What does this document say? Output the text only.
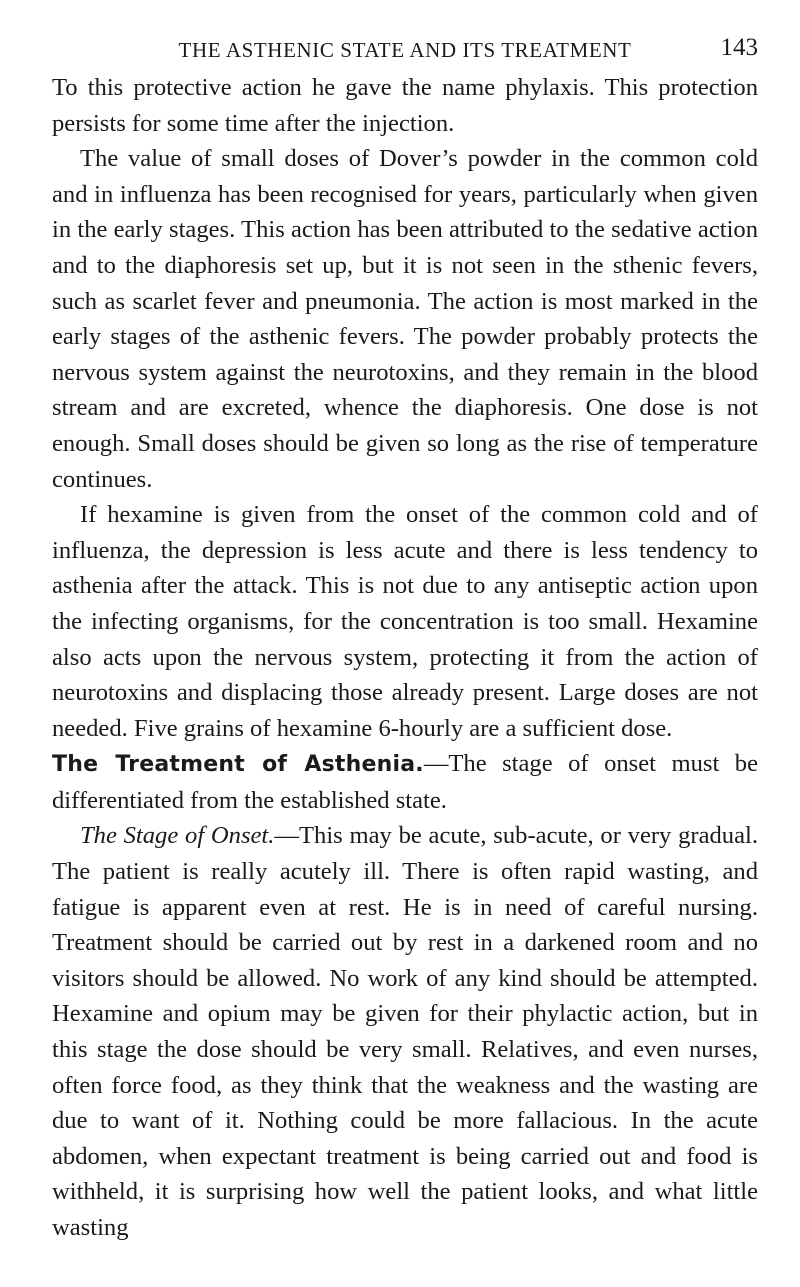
THE ASTHENIC STATE AND ITS TREATMENT	143

To this protective action he gave the name phylaxis. This protection persists for some time after the injection.

The value of small doses of Dover’s powder in the common cold and in influenza has been recognised for years, particularly when given in the early stages. This action has been attributed to the sedative action and to the diaphoresis set up, but it is not seen in the sthenic fevers, such as scarlet fever and pneumonia. The action is most marked in the early stages of the asthenic fevers. The powder probably protects the nervous system against the neurotoxins, and they remain in the blood stream and are excreted, whence the diaphoresis. One dose is not enough. Small doses should be given so long as the rise of temperature continues.

If hexamine is given from the onset of the common cold and of influenza, the depression is less acute and there is less tendency to asthenia after the attack. This is not due to any antiseptic action upon the infecting organisms, for the concentration is too small. Hexamine also acts upon the nervous system, protecting it from the action of neurotoxins and displacing those already present. Large doses are not needed. Five grains of hexamine 6-hourly are a sufficient dose.

The Treatment of Asthenia.—The stage of onset must be differentiated from the established state.

The Stage of Onset.—This may be acute, sub-acute, or very gradual. The patient is really acutely ill. There is often rapid wasting, and fatigue is apparent even at rest. He is in need of careful nursing. Treatment should be carried out by rest in a darkened room and no visitors should be allowed. No work of any kind should be attempted. Hexamine and opium may be given for their phylactic action, but in this stage the dose should be very small. Relatives, and even nurses, often force food, as they think that the weakness and the wasting are due to want of it. Nothing could be more fallacious. In the acute abdomen, when expectant treatment is being carried out and food is withheld, it is surprising how well the patient looks, and what little wasting
